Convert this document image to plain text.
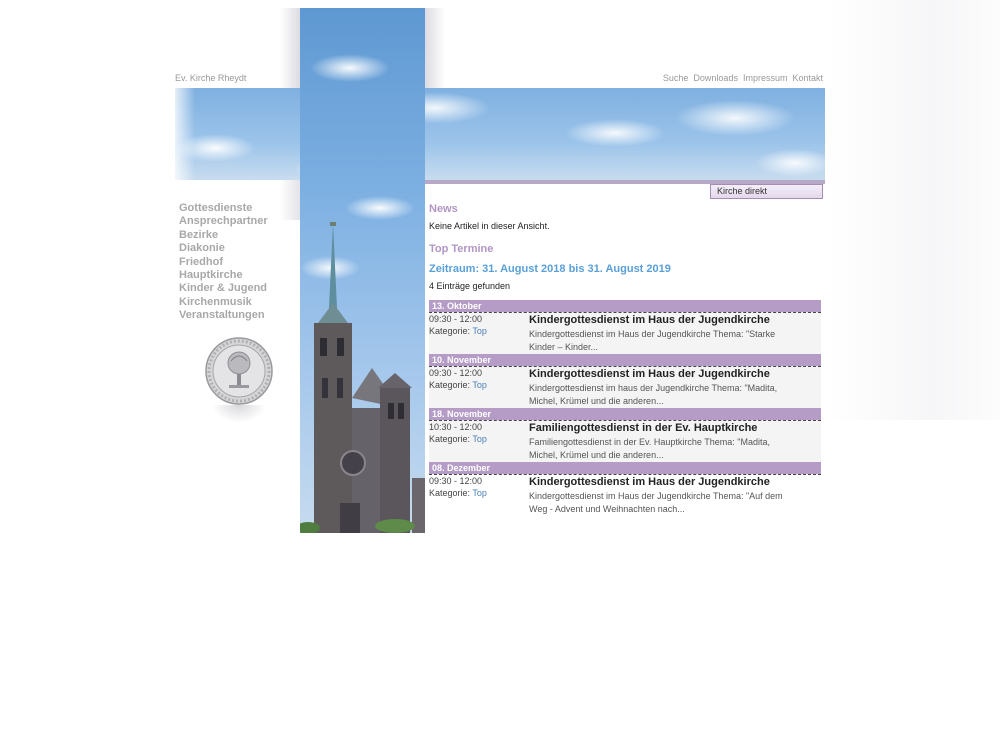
Ev. Kirche Rheydt	Suche Downloads Impressum Kontakt
Gottesdienste
Ansprechpartner
Bezirke
Diakonie
Friedhof
Hauptkirche
Kinder & Jugend
Kirchenmusik
Veranstaltungen
Kirche direkt
News
Keine Artikel in dieser Ansicht.
Top Termine
Zeitraum: 31. August 2018 bis 31. August 2019
4 Einträge gefunden
13. Oktober
09:30 - 12:00
Kategorie: Top
Kindergottesdienst im Haus der Jugendkirche
Kindergottesdienst im Haus der Jugendkirche Thema: "Starke Kinder – Kinder...
10. November
09:30 - 12:00
Kategorie: Top
Kindergottesdienst im Haus der Jugendkirche
Kindergottesdienst im haus der Jugendkirche Thema: "Madita, Michel, Krümel und die anderen...
18. November
10:30 - 12:00
Kategorie: Top
Familiengottesdienst in der Ev. Hauptkirche
Familiengottesdienst in der Ev. Hauptkirche Thema: "Madita, Michel, Krümel und die anderen...
08. Dezember
09:30 - 12:00
Kategorie: Top
Kindergottesdienst im Haus der Jugendkirche
Kindergottesdienst im Haus der Jugendkirche Thema: "Auf dem Weg - Advent und Weihnachten nach...
